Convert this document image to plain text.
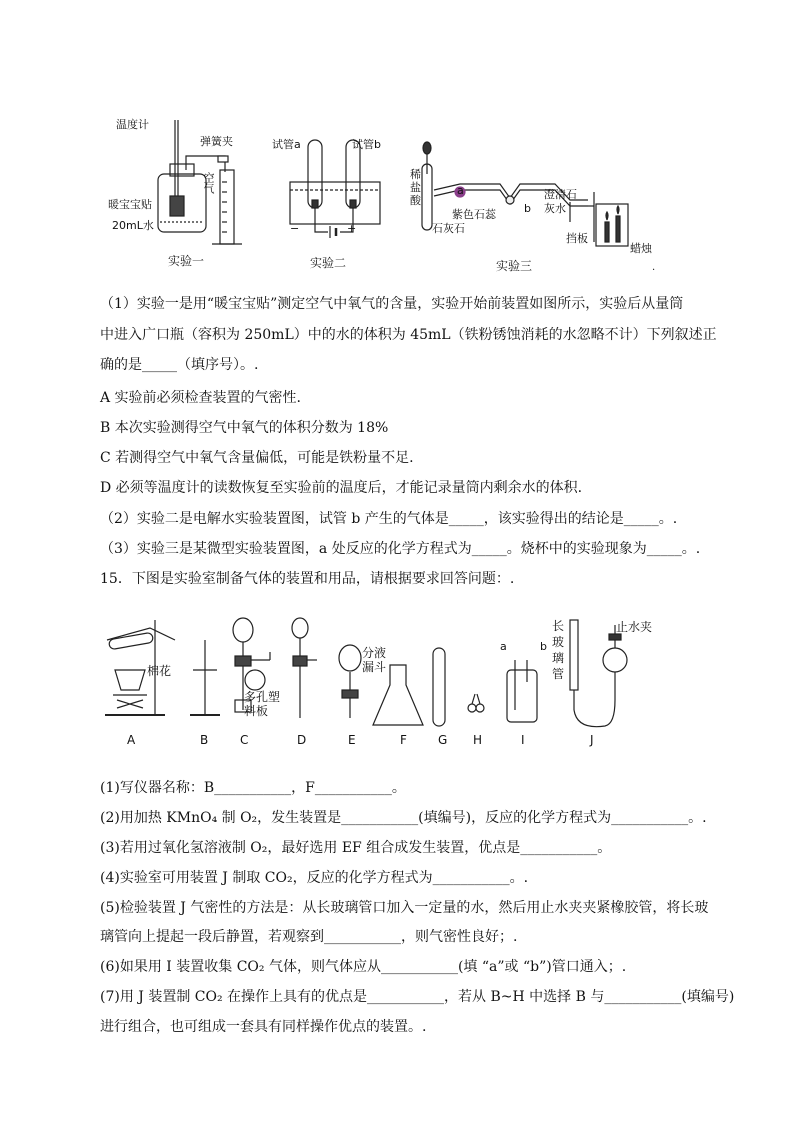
温度计
弹簧夹
空气
暖宝宝贴
20mL水
试管a	试管b
−	+
稀盐酸
a
紫色石蕊	b
石灰石
澄清石灰水
挡板
蜡烛
实验一	实验二	实验三	.
（1）实验一是用“暖宝宝贴”测定空气中氧气的含量，实验开始前装置如图所示，实验后从量筒
中进入广口瓶（容积为 250mL）中的水的体积为 45mL（铁粉锈蚀消耗的水忽略不计）下列叙述正
确的是_____（填序号）。.
A 实验前必须检查装置的气密性.
B 本次实验测得空气中氧气的体积分数为 18%
C 若测得空气中氧气含量偏低，可能是铁粉量不足.
D 必须等温度计的读数恢复至实验前的温度后，才能记录量筒内剩余水的体积.
（2）实验二是电解水实验装置图，试管 b 产生的气体是_____，该实验得出的结论是_____。.
（3）实验三是某微型实验装置图，a 处反应的化学方程式为_____。烧杯中的实验现象为_____。.
15．下图是实验室制备气体的装置和用品，请根据要求回答问题：.
棉花
多孔塑料板
分液漏斗
长玻璃管
止水夹
a	b
A	B	C	D	E	F	G H	I	J
(1)写仪器名称：B___________，F___________。
(2)用加热 KMnO₄ 制 O₂，发生装置是___________(填编号)，反应的化学方程式为___________。.
(3)若用过氧化氢溶液制 O₂，最好选用 EF 组合成发生装置，优点是___________。
(4)实验室可用装置 J 制取 CO₂，反应的化学方程式为___________。.
(5)检验装置 J 气密性的方法是：从长玻璃管口加入一定量的水，然后用止水夹夹紧橡胶管，将长玻
璃管向上提起一段后静置，若观察到___________，则气密性良好；.
(6)如果用 I 装置收集 CO₂ 气体，则气体应从___________(填 “a”或 “b”)管口通入；.
(7)用 J 装置制 CO₂ 在操作上具有的优点是___________，若从 B~H 中选择 B 与___________(填编号)
进行组合，也可组成一套具有同样操作优点的装置。.
